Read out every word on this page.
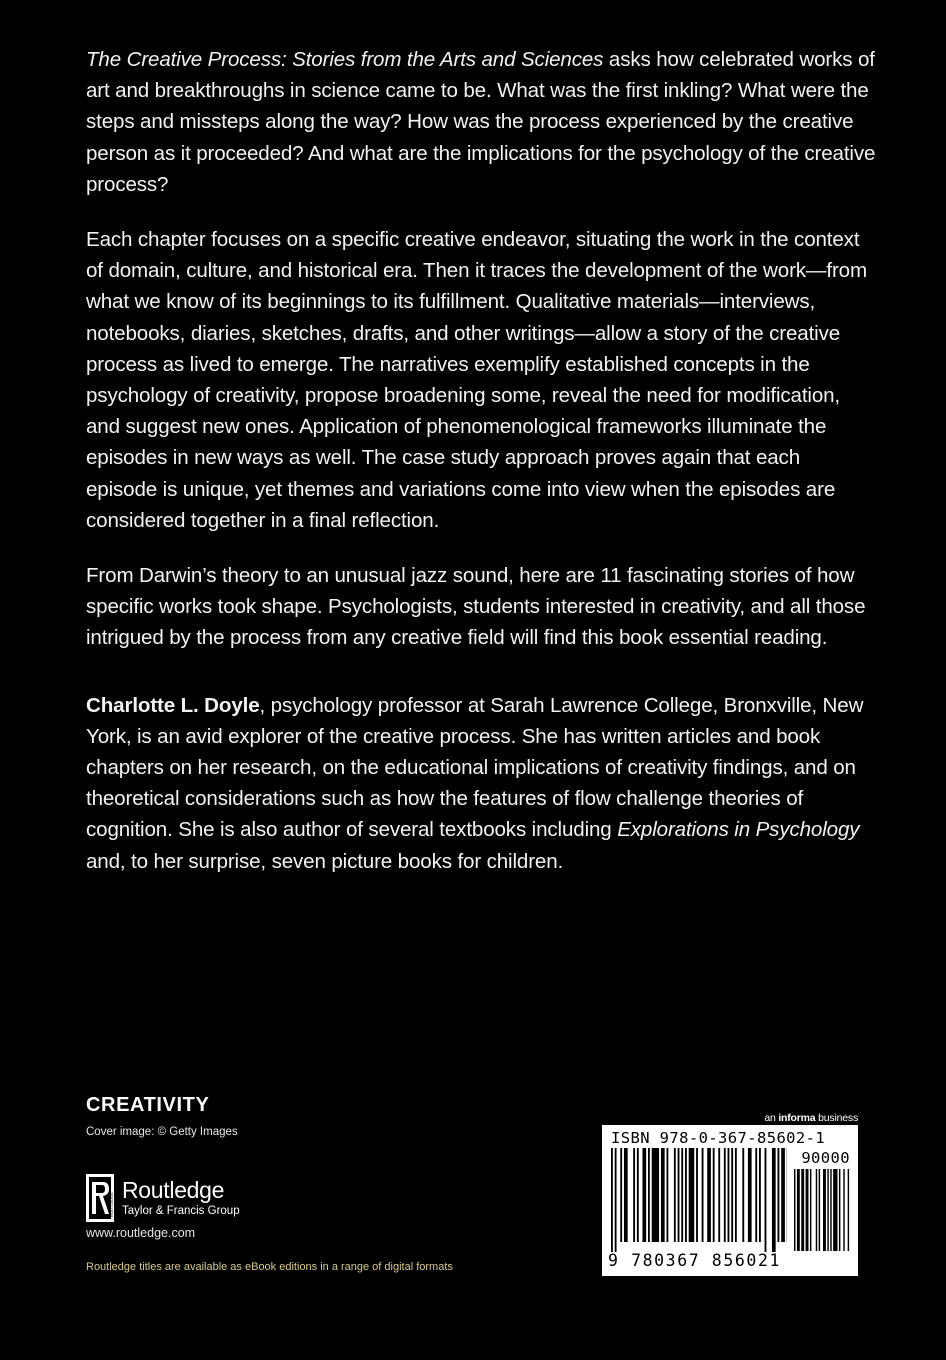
The Creative Process: Stories from the Arts and Sciences asks how celebrated works of art and breakthroughs in science came to be. What was the first inkling? What were the steps and missteps along the way? How was the process experienced by the creative person as it proceeded? And what are the implications for the psychology of the creative process?

Each chapter focuses on a specific creative endeavor, situating the work in the context of domain, culture, and historical era. Then it traces the development of the work—from what we know of its beginnings to its fulfillment. Qualitative materials—interviews, notebooks, diaries, sketches, drafts, and other writings—allow a story of the creative process as lived to emerge. The narratives exemplify established concepts in the psychology of creativity, propose broadening some, reveal the need for modification, and suggest new ones. Application of phenomenological frameworks illuminate the episodes in new ways as well. The case study approach proves again that each episode is unique, yet themes and variations come into view when the episodes are considered together in a final reflection.

From Darwin’s theory to an unusual jazz sound, here are 11 fascinating stories of how specific works took shape. Psychologists, students interested in creativity, and all those intrigued by the process from any creative field will find this book essential reading.

Charlotte L. Doyle, psychology professor at Sarah Lawrence College, Bronxville, New York, is an avid explorer of the creative process. She has written articles and book chapters on her research, on the educational implications of creativity findings, and on theoretical considerations such as how the features of flow challenge theories of cognition. She is also author of several textbooks including Explorations in Psychology and, to her surprise, seven picture books for children.

CREATIVITY
Cover image: © Getty Images
ROUTLEDGE
Routledge
Taylor & Francis Group
www.routledge.com
Routledge titles are available as eBook editions in a range of digital formats
an informa business
ISBN 978-0-367-85602-1
90000
9 780367 856021
